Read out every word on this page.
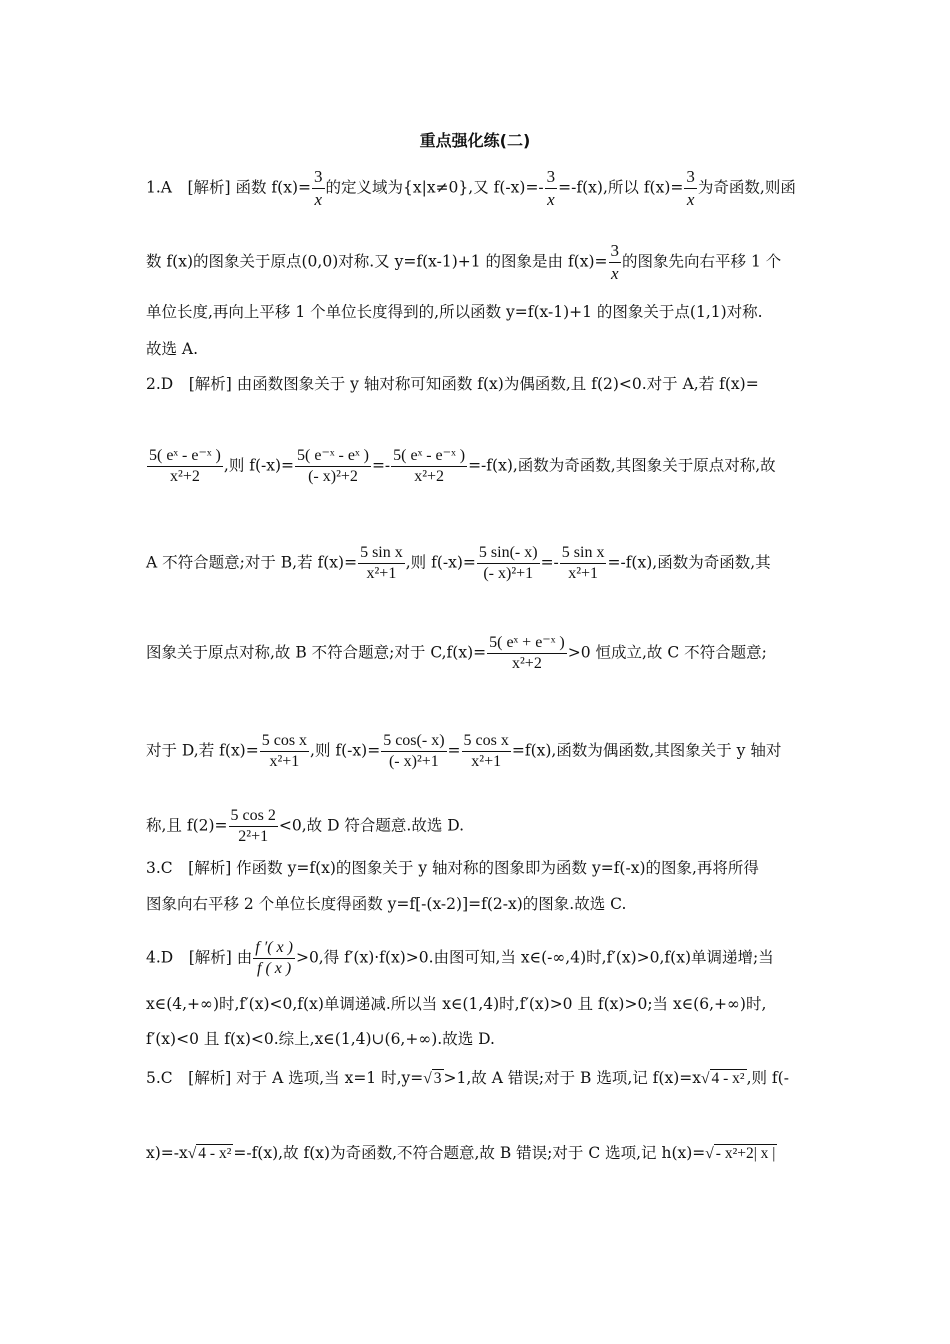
重点强化练(二)
1.A　[解析] 函数 $f(x)= \frac{3}{x}$ 的定义域为{x|x≠0},又 $f(-x)=- \frac{3}{x} =-f(x)$,所以 $f(x)= \frac{3}{x}$ 为奇函数,则函
数 f(x)的图象关于原点(0,0)对称.又 y=f(x-1)+1 的图象是由 $f(x)= \frac{3}{x}$ 的图象先向右平移 1 个
单位长度,再向上平移 1 个单位长度得到的,所以函数 y=f(x-1)+1 的图象关于点(1,1)对称.
故选 A.
2.D　[解析] 由函数图象关于 y 轴对称可知函数 f(x)为偶函数,且 f(2)<0.对于 A,若 f(x)=
$\frac{\text{5( eˣ - e⁻ˣ )}}{\text{x²+2}}$ ,则 $f(-x)= \frac{\text{5( e⁻ˣ - eˣ )}}{\text{(- x)²+2}} =- \frac{\text{5( eˣ - e⁻ˣ )}}{\text{x²+2}} =-f(x)$,函数为奇函数,其图象关于原点对称,故
A 不符合题意;对于 B,若 $f(x)= \frac{\text{5 sin x}}{\text{x²+1}}$ ,则 $f(-x)= \frac{5 \sin(- x)}{\text{(- x)²+1}} =- \frac{\text{5 sin x}}{\text{x²+1}} =-f(x)$,函数为奇函数,其
图象关于原点对称,故 B 不符合题意;对于 $C,f(x)= \frac{\text{5( eˣ + e⁻ˣ )}}{\text{x²+2}} >0$ 恒成立,故 C 不符合题意;
对于 D,若 $f(x)= \frac{\text{5 cos x}}{\text{x²+1}}$ ,则 $f(-x)= \frac{5 \cos(- x)}{\text{(- x)²+1}} = \frac{\text{5 cos x}}{\text{x²+1}} =f(x)$,函数为偶函数,其图象关于 y 轴对
称,且 $f(2)= \frac{5 \cos 2}{\text{2²+1}} <0$,故 D 符合题意.故选 D.
3.C　[解析] 作函数 y=f(x)的图象关于 y 轴对称的图象即为函数 y=f(-x)的图象,再将所得
图象向右平移 2 个单位长度得函数 y=f[-(x-2)]=f(2-x)的图象.故选 C.
4.D　[解析] 由 $\frac{f '( x )}{f ( x )} >0$,得 f′(x)·f(x)>0.由图可知,当 x∈(-∞,4)时,f′(x)>0,f(x)单调递增;当
x∈(4,+∞)时,f′(x)<0,f(x)单调递减.所以当 x∈(1,4)时,f′(x)>0 且 f(x)>0;当 x∈(6,+∞)时,
f′(x)<0 且 f(x)<0.综上,x∈(1,4)∪(6,+∞).故选 D.
5.C　[解析] 对于 A 选项,当 x=1 时,y=√ 3 >1,故 A 错误;对于 B 选项,记 f(x)=x√ 4 - x² ,则 f(-
x)=-x√ 4 - x² =-f(x),故 f(x)为奇函数,不符合题意,故 B 错误;对于 C 选项,记 h(x)=√ - x²+2| x |
